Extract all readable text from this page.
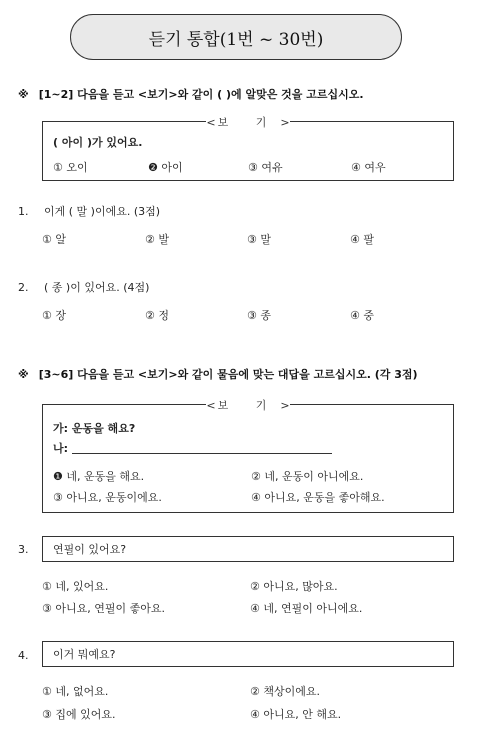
듣기 통합(1번 ~ 30번)
※ [1~2] 다음을 듣고 <보기>와 같이 ( )에 알맞은 것을 고르십시오.
< 보 기 >
( 아이 )가 있어요.
① 오이	❷ 아이	③ 여유	④ 여우
1. 이게 ( 말 )이에요. (3점)
① 알	② 발	③ 말	④ 팔
2. ( 종 )이 있어요. (4점)
① 장	② 정	③ 종	④ 중
※ [3~6] 다음을 듣고 <보기>와 같이 물음에 맞는 대답을 고르십시오. (각 3점)
< 보 기 >
가: 운동을 해요?
나:
❶ 네, 운동을 해요.	② 네, 운동이 아니에요.
③ 아니요, 운동이에요.	④ 아니요, 운동을 좋아해요.
3. 연필이 있어요?
① 네, 있어요.	② 아니요, 많아요.
③ 아니요, 연필이 좋아요.	④ 네, 연필이 아니에요.
4. 이거 뭐예요?
① 네, 없어요.	② 책상이에요.
③ 집에 있어요.	④ 아니요, 안 해요.
